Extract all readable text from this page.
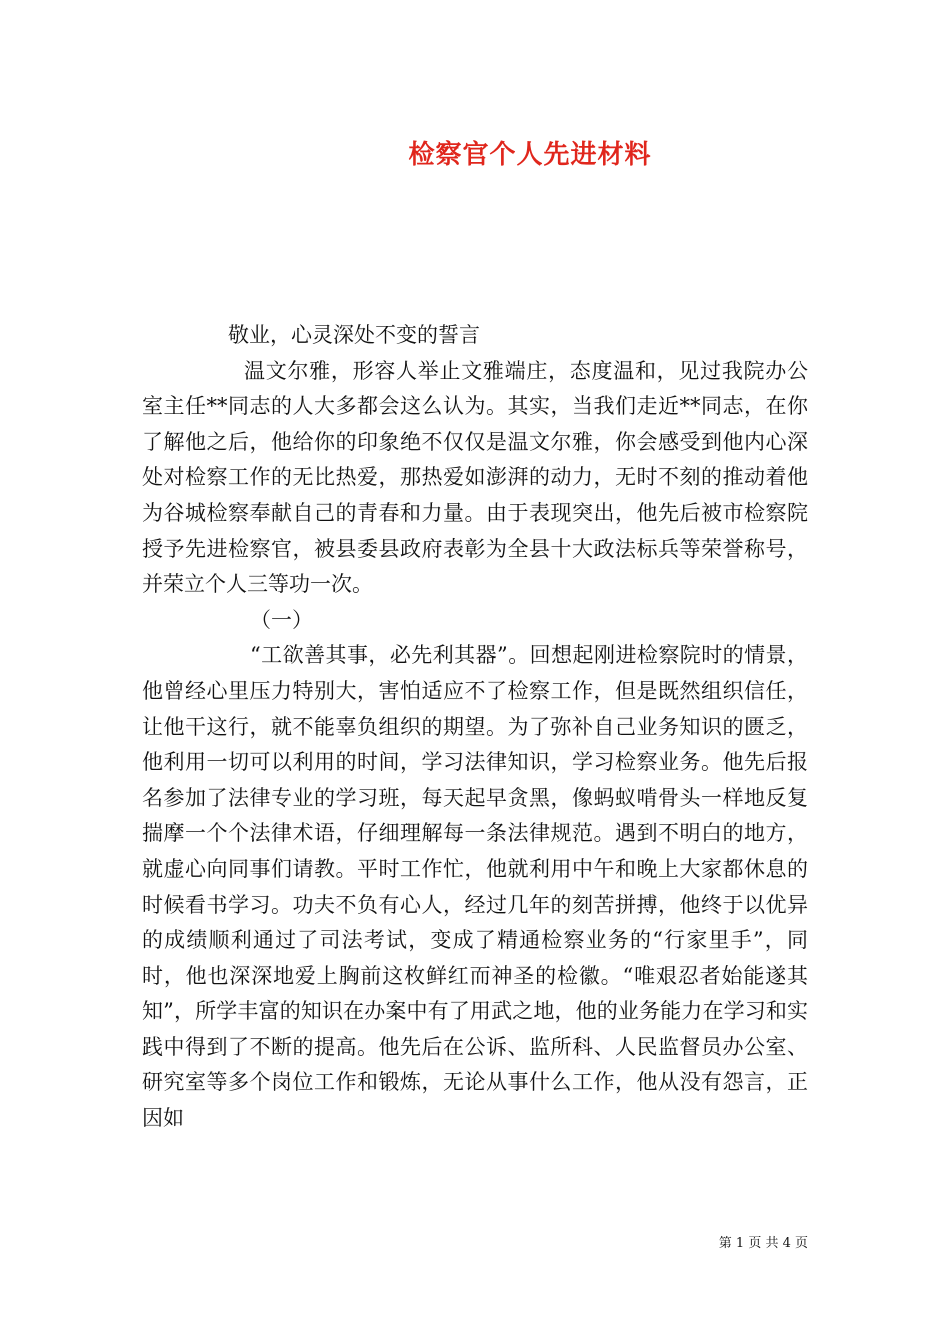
检察官个人先进材料

敬业，心灵深处不变的誓言

温文尔雅，形容人举止文雅端庄，态度温和，见过我院办公室主任**同志的人大多都会这么认为。其实，当我们走近**同志，在你了解他之后，他给你的印象绝不仅仅是温文尔雅，你会感受到他内心深处对检察工作的无比热爱，那热爱如澎湃的动力，无时不刻的推动着他为谷城检察奉献自己的青春和力量。由于表现突出，他先后被市检察院授予先进检察官，被县委县政府表彰为全县十大政法标兵等荣誉称号，并荣立个人三等功一次。

（一）

“工欲善其事，必先利其器”。回想起刚进检察院时的情景，他曾经心里压力特别大，害怕适应不了检察工作，但是既然组织信任，让他干这行，就不能辜负组织的期望。为了弥补自己业务知识的匮乏，他利用一切可以利用的时间，学习法律知识，学习检察业务。他先后报名参加了法律专业的学习班，每天起早贪黑，像蚂蚁啃骨头一样地反复揣摩一个个法律术语，仔细理解每一条法律规范。遇到不明白的地方，就虚心向同事们请教。平时工作忙，他就利用中午和晚上大家都休息的时候看书学习。功夫不负有心人，经过几年的刻苦拼搏，他终于以优异的成绩顺利通过了司法考试，变成了精通检察业务的“行家里手”，同时，他也深深地爱上胸前这枚鲜红而神圣的检徽。“唯艰忍者始能遂其知”，所学丰富的知识在办案中有了用武之地，他的业务能力在学习和实践中得到了不断的提高。他先后在公诉、监所科、人民监督员办公室、研究室等多个岗位工作和锻炼，无论从事什么工作，他从没有怨言，正因如

第 1 页 共 4 页
